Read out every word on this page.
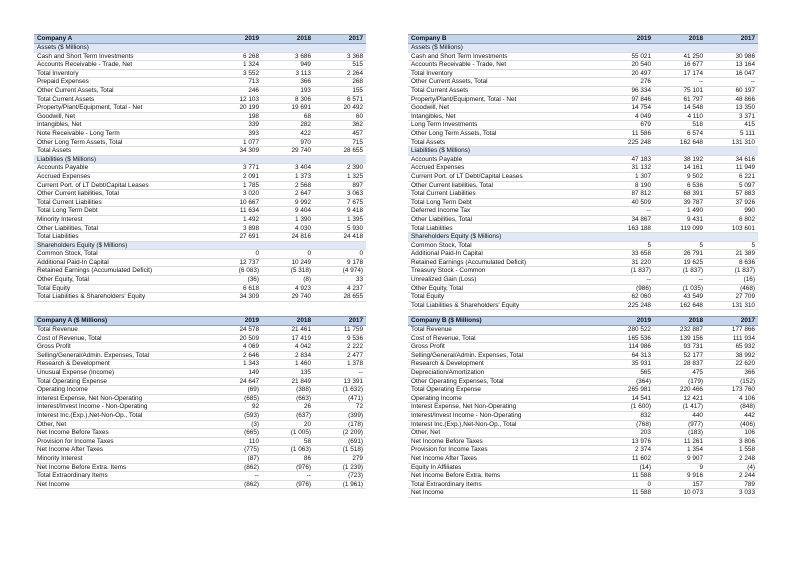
Company A	2019	2018	2017
Assets ($ Millions)			
Cash and Short Term Investments	6 268	3 686	3 368
Accounts Receivable - Trade, Net	1 324	949	515
Total Inventory	3 552	3 113	2 264
Prepaid Expenses	713	366	268
Other Current Assets, Total	246	193	155
Total Current Assets	12 103	8 306	6 571
Property/Plant/Equipment, Total - Net	20 199	19 691	20 492
Goodwill, Net	198	68	60
Intangibles, Net	339	282	362
Note Receivable - Long Term	393	422	457
Other Long Term Assets, Total	1 077	970	715
Total Assets	34 309	29 740	28 655
Liabilities ($ Millions)			
Accounts Payable	3 771	3 404	2 390
Accrued Expenses	2 091	1 373	1 325
Current Port. of LT Debt/Capital Leases	1 785	2 568	897
Other Current liabilities, Total	3 020	2 647	3 063
Total Current Liabilities	10 667	9 992	7 675
Total Long Term Debt	11 634	9 404	9 418
Minority Interest	1 492	1 390	1 395
Other Liabilities, Total	3 898	4 030	5 930
Total Liabilities	27 691	24 816	24 418
Shareholders Equity ($ Millions)			
Common Stock, Total	0	0	0
Additional Paid-In Capital	12 737	10 249	9 178
Retained Earnings (Accumulated Deficit)	(6 083)	(5 318)	(4 974)
Other Equity, Total	(36)	(8)	33
Total Equity	6 618	4 923	4 237
Total Liabilities & Shareholders' Equity	34 309	29 740	28 655
Company B	2019	2018	2017
Assets ($ Millions)			
Cash and Short Term Investments	55 021	41 250	30 986
Accounts Receivable - Trade, Net	20 540	16 677	13 164
Total Inventory	20 497	17 174	16 047
Other Current Assets, Total	276	--	--
Total Current Assets	96 334	75 101	60 197
Property/Plant/Equipment, Total - Net	97 846	61 797	48 866
Goodwill, Net	14 754	14 548	13 350
Intangibles, Net	4 049	4 110	3 371
Long Term Investments	679	518	415
Other Long Term Assets, Total	11 586	6 574	5 111
Total Assets	225 248	162 648	131 310
Liabilities ($ Millions)			
Accounts Payable	47 183	38 192	34 616
Accrued Expenses	31 132	14 161	11 949
Current Port. of LT Debt/Capital Leases	1 307	9 502	6 221
Other Current liabilities, Total	8 190	6 536	5 097
Total Current Liabilities	87 812	68 391	57 883
Total Long Term Debt	40 509	39 787	37 926
Deferred Income Tax	--	1 490	990
Other Liabilities, Total	34 867	9 431	6 802
Total Liabilities	163 188	119 099	103 601
Shareholders Equity ($ Millions)			
Common Stock, Total	5	5	5
Additional Paid-In Capital	33 658	26 791	21 389
Retained Earnings (Accumulated Deficit)	31 220	19 625	8 636
Treasury Stock - Common	(1 837)	(1 837)	(1 837)
Unrealized Gain (Loss)	--	--	(16)
Other Equity, Total	(986)	(1 035)	(468)
Total Equity	62 060	43 549	27 709
Total Liabilities & Shareholders' Equity	225 248	162 648	131 310
Company A ($ Millions)	2019	2018	2017
Total Revenue	24 578	21 461	11 759
Cost of Revenue, Total	20 509	17 419	9 536
Gross Profit	4 069	4 042	2 222
Selling/General/Admin. Expenses, Total	2 646	2 834	2 477
Research & Development	1 343	1 460	1 378
Unusual Expense (Income)	149	135	--
Total Operating Expense	24 647	21 849	13 391
Operating Income	(69)	(388)	(1 632)
Interest Expense, Net Non-Operating	(685)	(663)	(471)
Interest/Invest Income - Non-Operating	92	26	72
Interest Inc.(Exp.),Net-Non-Op., Total	(593)	(637)	(399)
Other, Net	(3)	20	(178)
Net Income Before Taxes	(665)	(1 005)	(2 209)
Provision for Income Taxes	110	58	(691)
Net Income After Taxes	(775)	(1 063)	(1 518)
Minority Interest	(87)	86	279
Net Income Before Extra. Items	(862)	(976)	(1 239)
Total Extraordinary Items	--	--	(723)
Net Income	(862)	(976)	(1 961)
Company B ($ Millions)	2019	2018	2017
Total Revenue	280 522	232 887	177 866
Cost of Revenue, Total	165 536	139 156	111 934
Gross Profit	114 986	93 731	65 932
Selling/General/Admin. Expenses, Total	64 313	52 177	38 992
Research & Development	35 931	28 837	22 620
Depreciation/Amortization	565	475	366
Other Operating Expenses, Total	(364)	(179)	(152)
Total Operating Expense	265 981	220 466	173 760
Operating Income	14 541	12 421	4 106
Interest Expense, Net Non-Operating	(1 600)	(1 417)	(848)
Interest/Invest Income - Non-Operating	832	440	442
Interest Inc.(Exp.),Net-Non-Op., Total	(768)	(977)	(406)
Other, Net	203	(183)	106
Net Income Before Taxes	13 976	11 261	3 806
Provision for Income Taxes	2 374	1 354	1 558
Net Income After Taxes	11 602	9 907	2 248
Equity In Affiliates	(14)	9	(4)
Net Income Before Extra. Items	11 588	9 916	2 244
Total Extraordinary Items	0	157	789
Net Income	11 588	10 073	3 033
